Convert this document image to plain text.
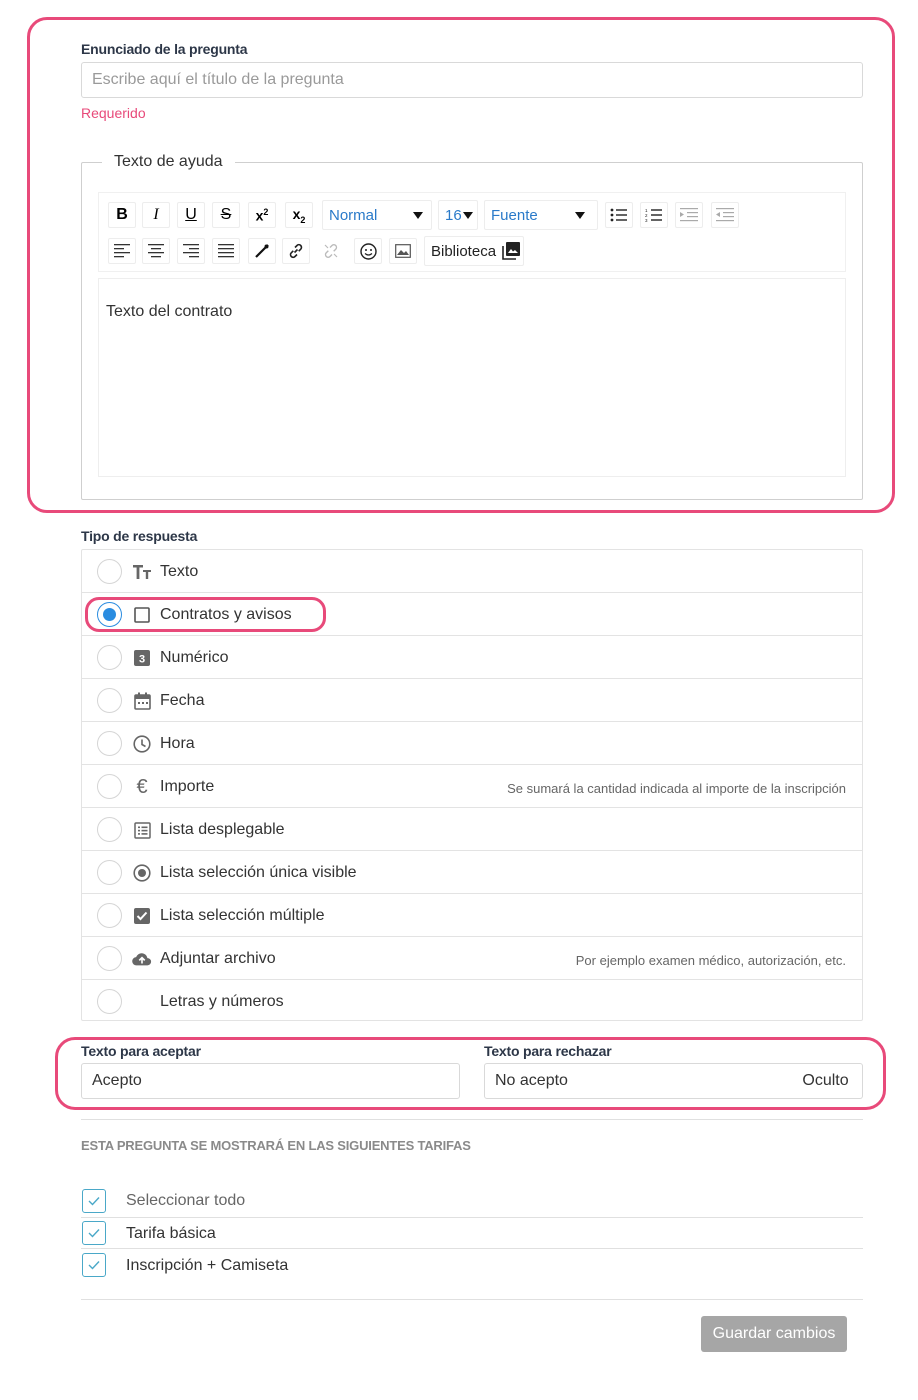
Enunciado de la pregunta
Escribe aquí el título de la pregunta
Requerido
Texto de ayuda
B I U S $x^2$ $x_2$ Normal	16 Fuente	1
2
3
Biblioteca
Texto del contrato
Tipo de respuesta
Texto
Contratos y avisos
3 Numérico
Fecha
Hora
€ Importe	Se sumará la cantidad indicada al importe de la inscripción
Lista desplegable
Lista selección única visible
Lista selección múltiple
Adjuntar archivo	Por ejemplo examen médico, autorización, etc.
Letras y números
Texto para aceptar
Acepto
Texto para rechazar
No acepto	Oculto
ESTA PREGUNTA SE MOSTRARÁ EN LAS SIGUIENTES TARIFAS
Seleccionar todo
Tarifa básica
Inscripción + Camiseta
Guardar cambios
